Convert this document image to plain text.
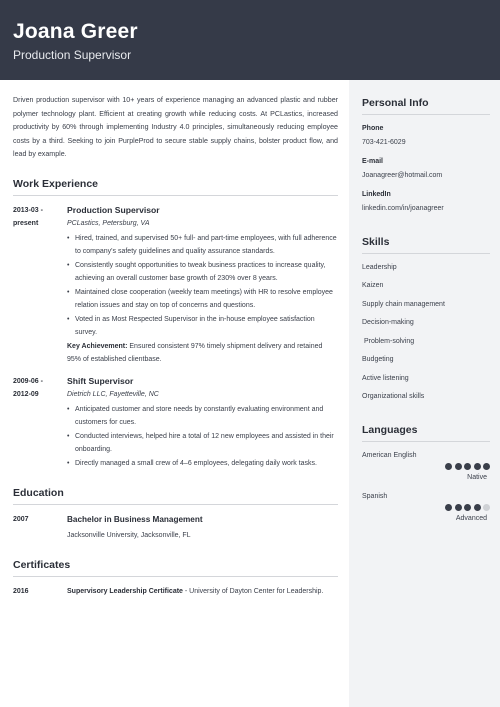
Joana Greer
Production Supervisor

Driven production supervisor with 10+ years of experience managing an advanced plastic and rubber polymer technology plant. Efficient at creating growth while reducing costs. At PCLastics, increased productivity by 60% through implementing Industry 4.0 principles, simultaneously reducing employee costs by a third. Seeking to join PurpleProd to secure stable supply chains, bolster product flow, and lead by example.

Work Experience
2013-03 -
present
Production Supervisor
PCLastics, Petersburg, VA
• Hired, trained, and supervised 50+ full- and part-time employees, with full adherence to company's safety guidelines and quality assurance standards.
• Consistently sought opportunities to tweak business practices to increase quality, achieving an overall customer base growth of 230% over 8 years.
• Maintained close cooperation (weekly team meetings) with HR to resolve employee relation issues and stay on top of concerns and questions.
• Voted in as Most Respected Supervisor in the in-house employee satisfaction survey.

Key Achievement: Ensured consistent 97% timely shipment delivery and retained 95% of established clientbase.

2009-06 -
2012-09
Shift Supervisor
Dietrich LLC, Fayetteville, NC
• Anticipated customer and store needs by constantly evaluating environment and customers for cues.
• Conducted interviews, helped hire a total of 12 new employees and assisted in their onboarding.
• Directly managed a small crew of 4–6 employees, delegating daily work tasks.
Education
2007	Bachelor in Business Management
Jacksonville University, Jacksonville, FL
Certificates
2016	Supervisory Leadership Certificate - University of Dayton Center for Leadership.

Personal Info
Phone
703-421-6029
E-mail
Joanagreer@hotmail.com
LinkedIn
linkedin.com/in/joanagreer
Skills
Leadership
Kaizen
Supply chain management
Decision-making
Problem-solving
Budgeting
Active listening
Organizational skills
Languages
American English
Native
Spanish
Advanced
